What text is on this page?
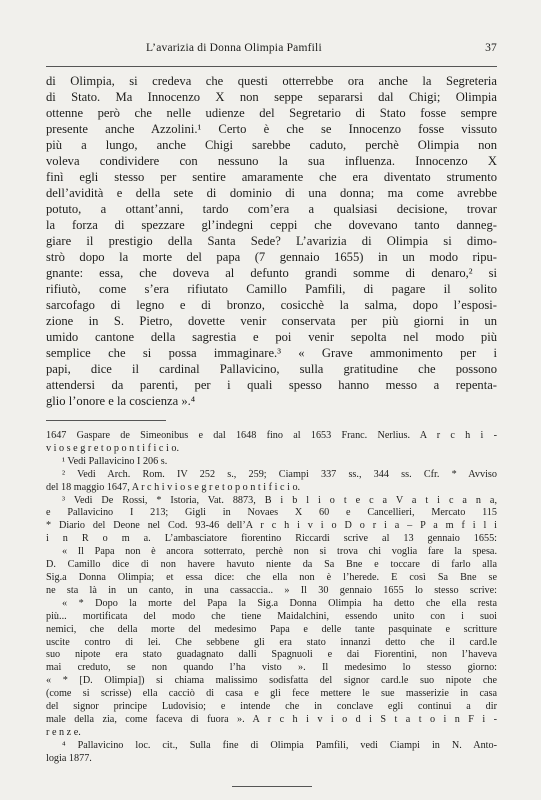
L’avarizia di Donna Olimpia Pamfili	37
di Olimpia, si credeva che questi otterrebbe ora anche la Segreteria
di Stato. Ma Innocenzo X non seppe separarsi dal Chigi; Olimpia
ottenne però che nelle udienze del Segretario di Stato fosse sempre
presente anche Azzolini.¹ Certo è che se Innocenzo fosse vissuto
più a lungo, anche Chigi sarebbe caduto, perchè Olimpia non
voleva condividere con nessuno la sua influenza. Innocenzo X
finì egli stesso per sentire amaramente che era diventato strumento
dell’avidità e della sete di dominio di una donna; ma come avrebbe
potuto, a ottant’anni, tardo com’era a qualsiasi decisione, trovar
la forza di spezzare gl’indegni ceppi che dovevano tanto danneg-
giare il prestigio della Santa Sede? L’avarizia di Olimpia si dimo-
strò dopo la morte del papa (7 gennaio 1655) in un modo ripu-
gnante: essa, che doveva al defunto grandi somme di denaro,² si
rifiutò, come s’era rifiutato Camillo Pamfili, di pagare il solito
sarcofago di legno e di bronzo, cosicchè la salma, dopo l’esposi-
zione in S. Pietro, dovette venir conservata per più giorni in un
umido cantone della sagrestia e poi venir sepolta nel modo più
semplice che si possa immaginare.³ « Grave ammonimento per i
papi, dice il cardinal Pallavicino, sulla gratitudine che possono
attendersi da parenti, per i quali spesso hanno messo a repenta-
glio l’onore e la coscienza ».⁴
1647 Gaspare de Simeonibus e dal 1648 fino al 1653 Franc. Nerlius. A r c h i -
v i o s e g r e t o p o n t i f i c i o.
¹ Vedi Pallavicino I 206 s.
² Vedi Arch. Rom. IV 252 s., 259; Ciampi 337 ss., 344 ss. Cfr. * Avviso
del 18 maggio 1647, A r c h i v i o s e g r e t o p o n t i f i c i o.
³ Vedi De Rossi, * Istoria, Vat. 8873, B i b l i o t e c a V a t i c a n a,
e Pallavicino I 213; Gigli in Novaes X 60 e Cancellieri, Mercato 115
* Diario del Deone nel Cod. 93-46 dell’A r c h i v i o D o r i a – P a m f i l i
i n R o m a. L’ambasciatore fiorentino Riccardi scrive al 13 gennaio 1655:
« Il Papa non è ancora sotterrato, perchè non si trova chi voglia fare la spesa.
D. Camillo dice di non havere havuto niente da Sa Bne e toccare di farlo alla
Sig.a Donna Olimpia; et essa dice: che ella non è l’herede. E così Sa Bne se
ne sta là in un canto, in una cassaccia.. » Il 30 gennaio 1655 lo stesso scrive:
« * Dopo la morte del Papa la Sig.a Donna Olimpia ha detto che ella resta
più... mortificata del modo che tiene Maidalchini, essendo unito con i suoi
nemici, che della morte del medesimo Papa e delle tante pasquinate e scritture
uscite contro di lei. Che sebbene gli era stato innanzi detto che il card.le
suo nipote era stato guadagnato dalli Spagnuoli e dai Fiorentini, non l’haveva
mai creduto, se non quando l’ha visto ». Il medesimo lo stesso giorno:
« * [D. Olimpia]) si chiama malissimo sodisfatta del signor card.le suo nipote che
(come si scrisse) ella cacciò di casa e gli fece mettere le sue masserizie in casa
del signor principe Ludovisio; e intende che in conclave egli continui a dir
male della zia, come faceva di fuora ». A r c h i v i o d i S t a t o i n F i -
r e n z e.
⁴ Pallavicino loc. cit., Sulla fine di Olimpia Pamfili, vedi Ciampi in N. Anto-
logia 1877.
